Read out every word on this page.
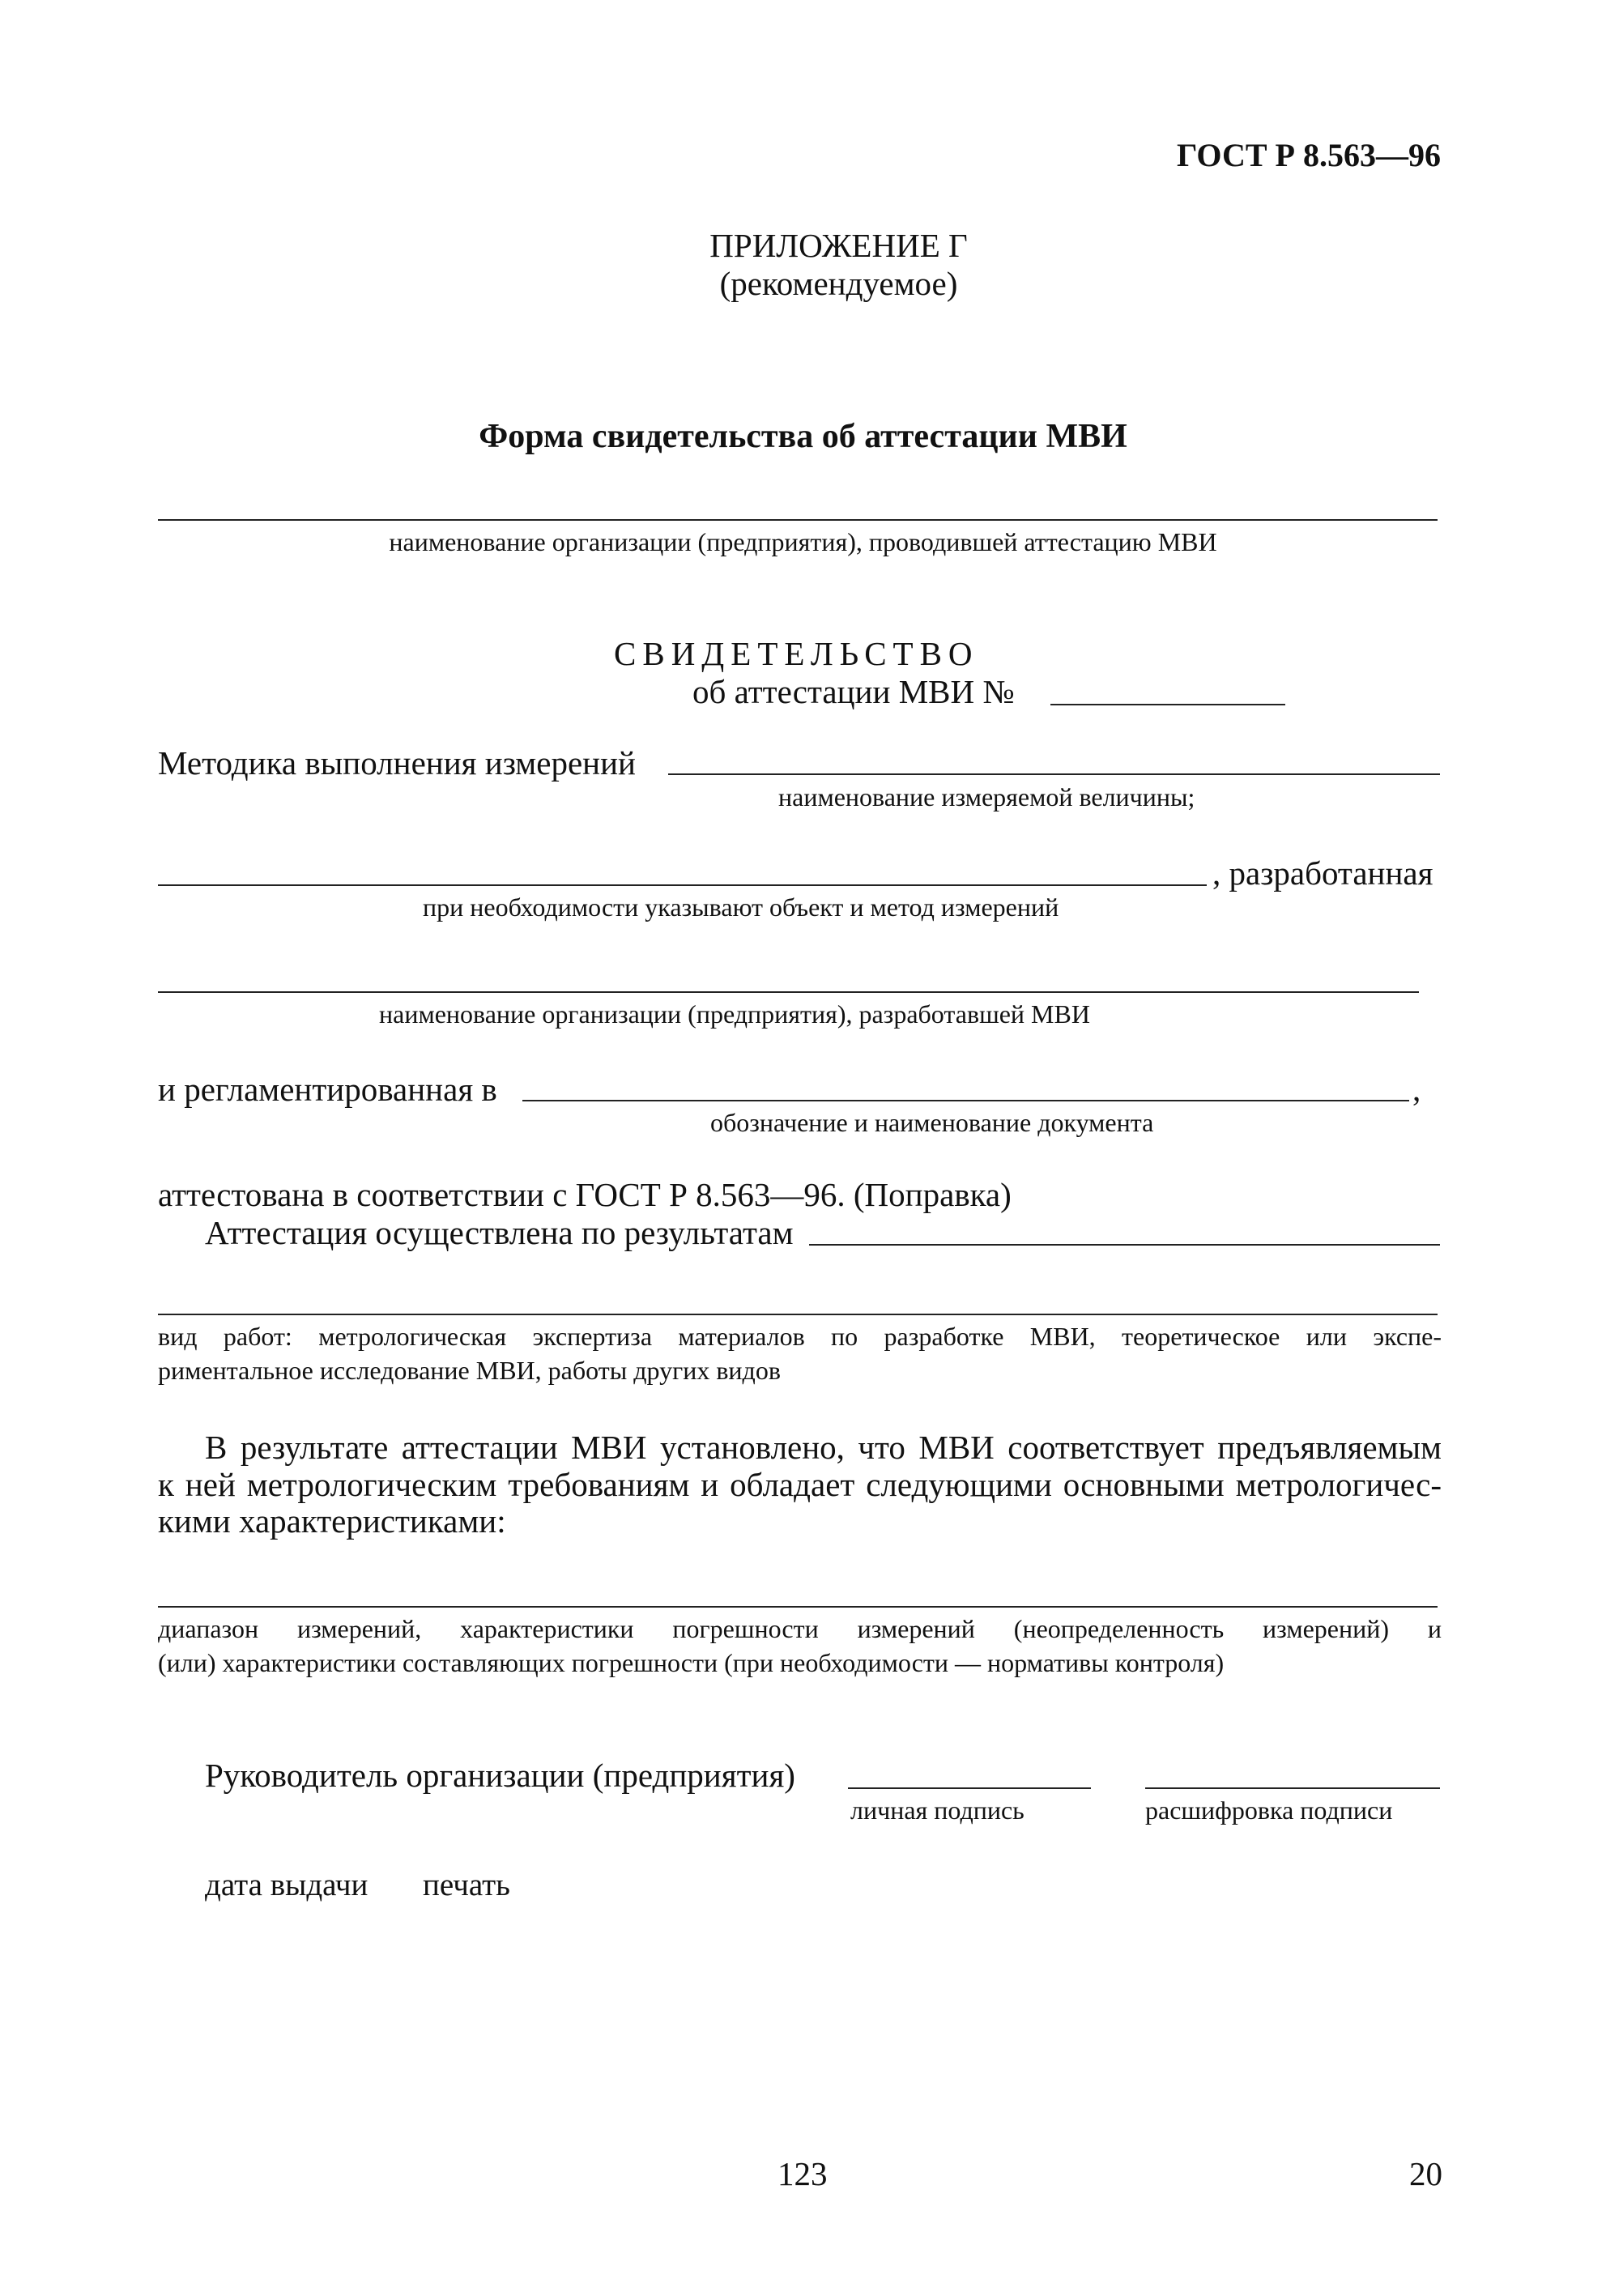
ГОСТ Р 8.563—96
ПРИЛОЖЕНИЕ Г
(рекомендуемое)
Форма свидетельства об аттестации МВИ
наименование организации (предприятия), проводившей аттестацию МВИ
СВИДЕТЕЛЬСТВО
об аттестации МВИ №
Методика выполнения измерений
наименование измеряемой величины;
, разработанная
при необходимости указывают объект и метод измерений
наименование организации (предприятия), разработавшей МВИ
и регламентированная в	,
обозначение и наименование документа
аттестована в соответствии с ГОСТ Р 8.563—96. (Поправка)
Аттестация осуществлена по результатам
вид работ: метрологическая экспертиза материалов по разработке МВИ, теоретическое или экспе-
риментальное исследование МВИ, работы других видов
В результате аттестации МВИ установлено, что МВИ соответствует предъявляемым
к ней метрологическим требованиям и обладает следующими основными метрологичес-
кими характеристиками:
диапазон измерений, характеристики погрешности измерений (неопределенность измерений) и
(или) характеристики составляющих погрешности (при необходимости — нормативы контроля)
Руководитель организации (предприятия)
личная подпись	расшифровка подписи
дата выдачи печать
123	20
